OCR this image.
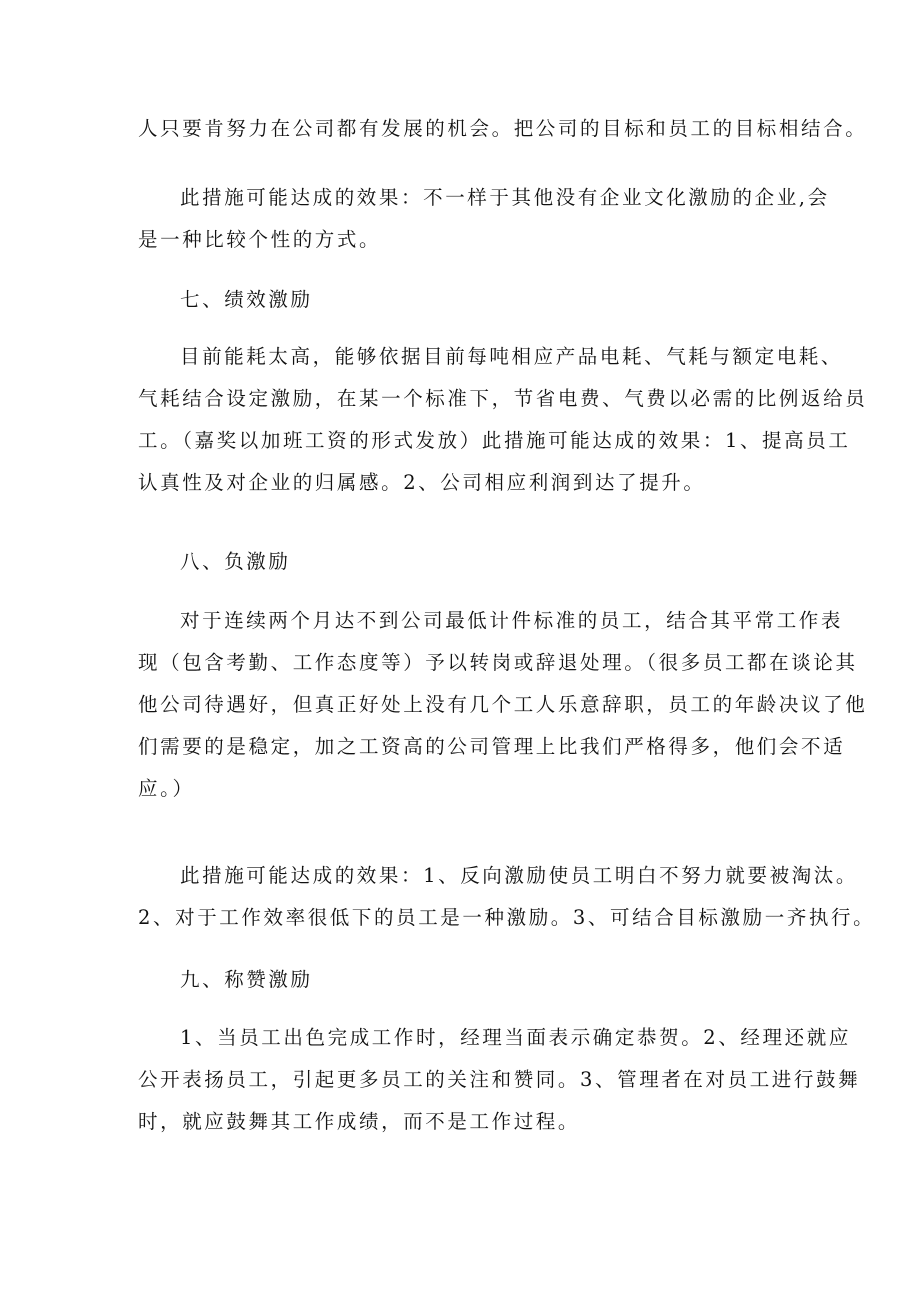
人只要肯努力在公司都有发展的机会。把公司的目标和员工的目标相结合。
此措施可能达成的效果：不一样于其他没有企业文化激励的企业,会
是一种比较个性的方式。
七、绩效激励
目前能耗太高，能够依据目前每吨相应产品电耗、气耗与额定电耗、
气耗结合设定激励，在某一个标准下，节省电费、气费以必需的比例返给员
工。（嘉奖以加班工资的形式发放）此措施可能达成的效果：1、提高员工
认真性及对企业的归属感。2、公司相应利润到达了提升。
八、负激励
对于连续两个月达不到公司最低计件标准的员工，结合其平常工作表
现（包含考勤、工作态度等）予以转岗或辞退处理。（很多员工都在谈论其
他公司待遇好，但真正好处上没有几个工人乐意辞职，员工的年龄决议了他
们需要的是稳定，加之工资高的公司管理上比我们严格得多，他们会不适
应。）
此措施可能达成的效果：1、反向激励使员工明白不努力就要被淘汰。
2、对于工作效率很低下的员工是一种激励。3、可结合目标激励一齐执行。
九、称赞激励
1、当员工出色完成工作时，经理当面表示确定恭贺。2、经理还就应
公开表扬员工，引起更多员工的关注和赞同。3、管理者在对员工进行鼓舞
时，就应鼓舞其工作成绩，而不是工作过程。
